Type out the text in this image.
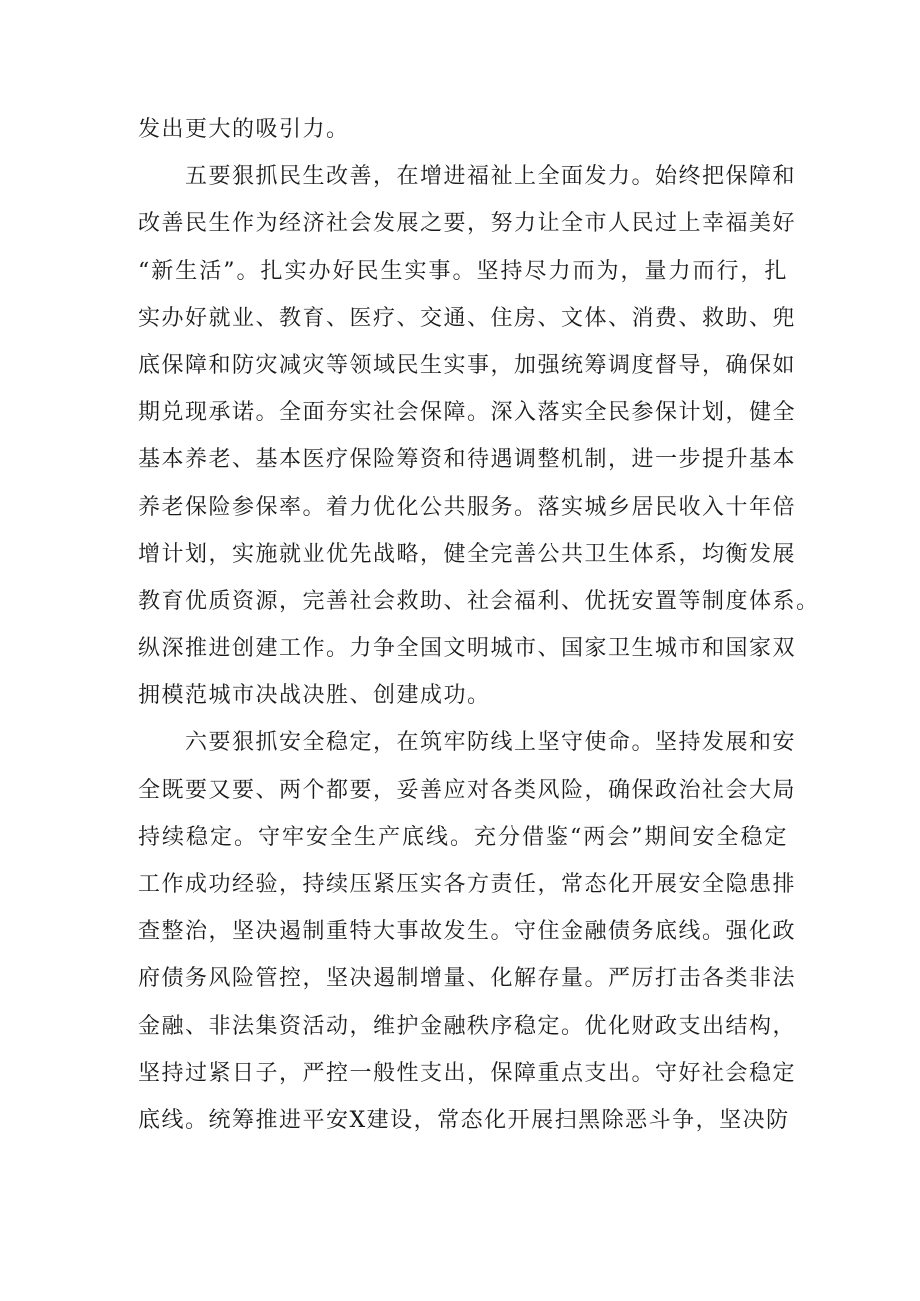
发出更大的吸引力。
五要狠抓民生改善，在增进福祉上全面发力。始终把保障和
改善民生作为经济社会发展之要，努力让全市人民过上幸福美好
“新生活”。扎实办好民生实事。坚持尽力而为，量力而行，扎
实办好就业、教育、医疗、交通、住房、文体、消费、救助、兜
底保障和防灾减灾等领域民生实事，加强统筹调度督导，确保如
期兑现承诺。全面夯实社会保障。深入落实全民参保计划，健全
基本养老、基本医疗保险筹资和待遇调整机制，进一步提升基本
养老保险参保率。着力优化公共服务。落实城乡居民收入十年倍
增计划，实施就业优先战略，健全完善公共卫生体系，均衡发展
教育优质资源，完善社会救助、社会福利、优抚安置等制度体系。
纵深推进创建工作。力争全国文明城市、国家卫生城市和国家双
拥模范城市决战决胜、创建成功。
六要狠抓安全稳定，在筑牢防线上坚守使命。坚持发展和安
全既要又要、两个都要，妥善应对各类风险，确保政治社会大局
持续稳定。守牢安全生产底线。充分借鉴“两会”期间安全稳定
工作成功经验，持续压紧压实各方责任，常态化开展安全隐患排
查整治，坚决遏制重特大事故发生。守住金融债务底线。强化政
府债务风险管控，坚决遏制增量、化解存量。严厉打击各类非法
金融、非法集资活动，维护金融秩序稳定。优化财政支出结构，
坚持过紧日子，严控一般性支出，保障重点支出。守好社会稳定
底线。统筹推进平安X建设，常态化开展扫黑除恶斗争，坚决防
